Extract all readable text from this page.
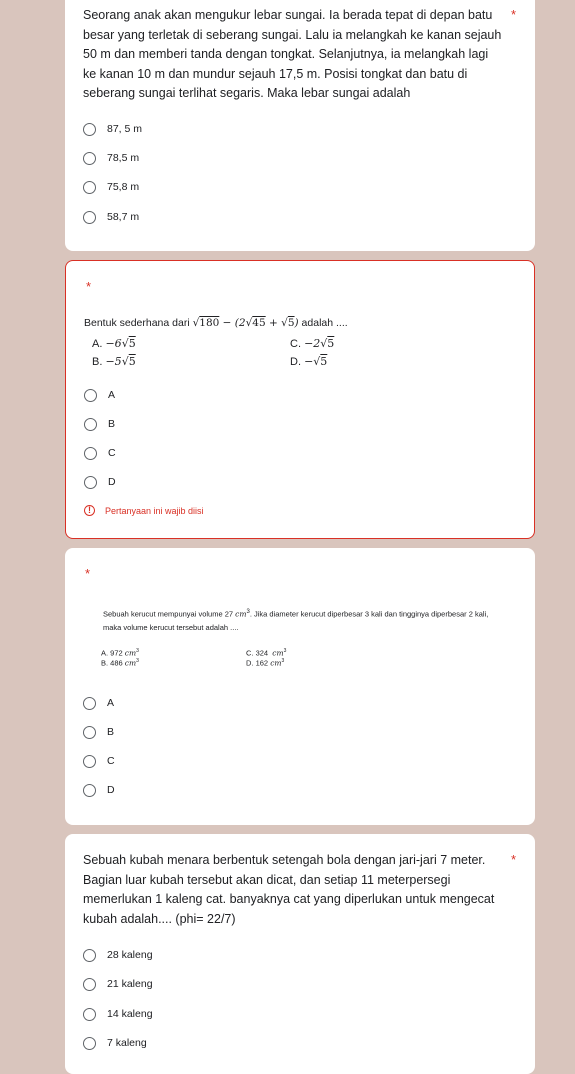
Seorang anak akan mengukur lebar sungai. Ia berada tepat di depan batu besar yang terletak di seberang sungai. Lalu ia melangkah ke kanan sejauh 50 m dan memberi tanda dengan tongkat. Selanjutnya, ia melangkah lagi ke kanan 10 m dan mundur sejauh 17,5 m. Posisi tongkat dan batu di seberang sungai terlihat segaris. Maka lebar sungai adalah

*
87, 5 m
78,5 m
75,8 m
58,7 m
*
Bentuk sederhana dari √180 − (2√45 + √5) adalah ....
A. −6√5	C. −2√5
B. −5√5	D. −√5
A
B
C
D
!	Pertanyaan ini wajib diisi
*
Sebuah kerucut mempunyai volume 27 $cm^3$. Jika diameter kerucut diperbesar 3 kali dan tingginya diperbesar 2 kali,
maka volume kerucut tersebut adalah ....
A. 972 $cm^3$	C. 324 $cm^3$
B. 486 $cm^3$	D. 162 $cm^3$
A
B
C
D

Sebuah kubah menara berbentuk setengah bola dengan jari-jari 7 meter. Bagian luar kubah tersebut akan dicat, dan setiap 11 meterpersegi memerlukan 1 kaleng cat. banyaknya cat yang diperlukan untuk mengecat kubah adalah.... (phi= 22/7)

*
28 kaleng
21 kaleng
14 kaleng
7 kaleng
